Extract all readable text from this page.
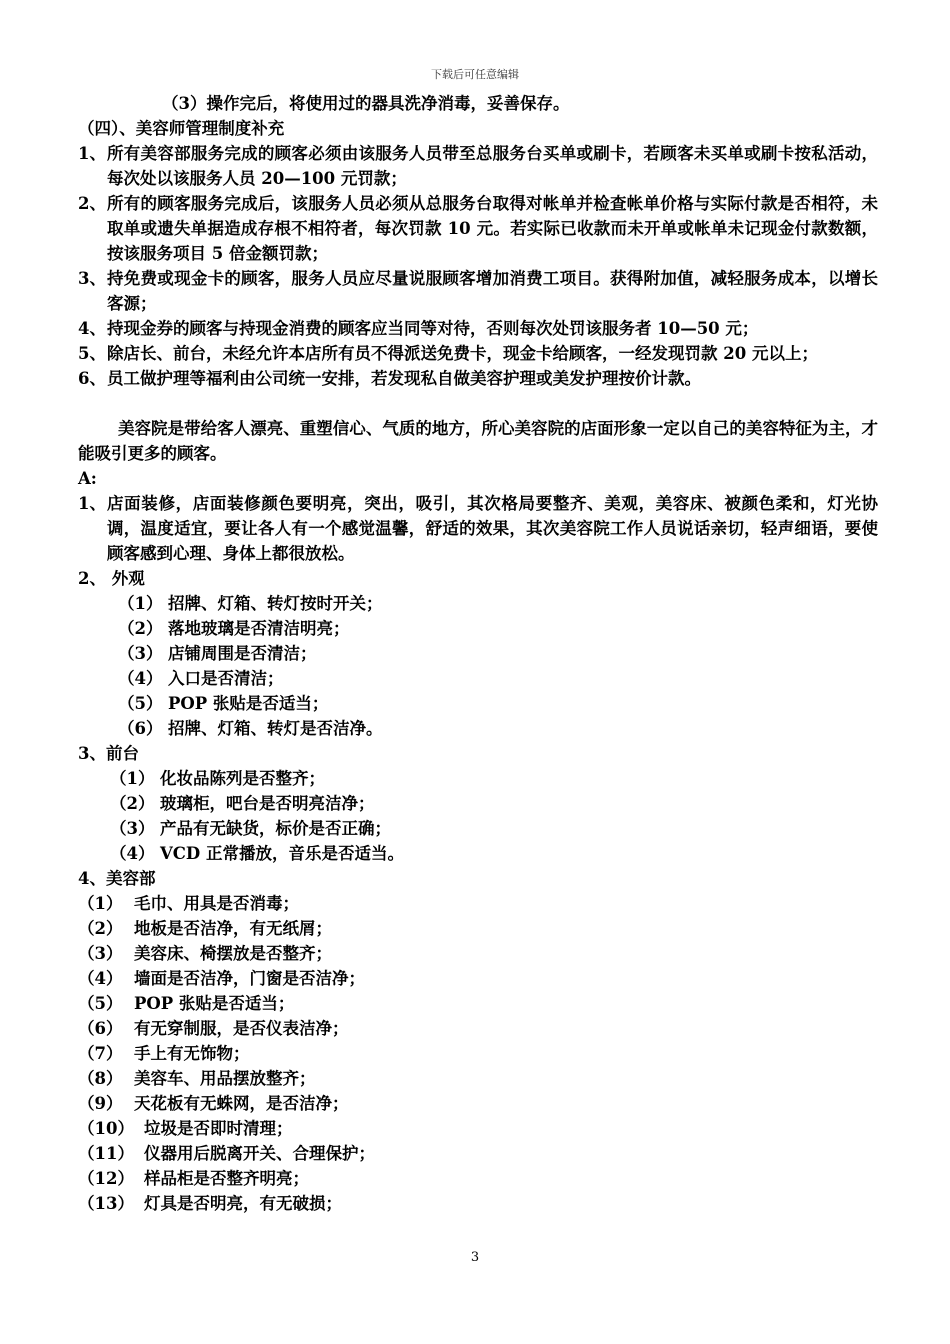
下载后可任意编辑
（3）操作完后，将使用过的器具洗净消毒，妥善保存。
（四）、美容师管理制度补充
1、 所有美容部服务完成的顾客必须由该服务人员带至总服务台买单或刷卡，若顾客未买单或刷卡按私活动，每次处以该服务人员 20—100 元罚款；
2、 所有的顾客服务完成后，该服务人员必须从总服务台取得对帐单并检查帐单价格与实际付款是否相符，未取单或遗失单据造成存根不相符者，每次罚款 10 元。若实际已收款而未开单或帐单未记现金付款数额，按该服务项目 5 倍金额罚款；
3、 持免费或现金卡的顾客，服务人员应尽量说服顾客增加消费工项目。获得附加值，减轻服务成本，以增长客源；
4、 持现金券的顾客与持现金消费的顾客应当同等对待，否则每次处罚该服务者 10—50 元；
5、 除店长、前台，未经允许本店所有员不得派送免费卡，现金卡给顾客，一经发现罚款 20 元以上；
6、 员工做护理等福利由公司统一安排，若发现私自做美容护理或美发护理按价计款。
美容院是带给客人漂亮、重塑信心、气质的地方，所心美容院的店面形象一定以自己的美容特征为主，才能吸引更多的顾客。
A:
1、 店面装修，店面装修颜色要明亮，突出，吸引，其次格局要整齐、美观，美容床、被颜色柔和，灯光协调，温度适宜，要让各人有一个感觉温馨，舒适的效果，其次美容院工作人员说话亲切，轻声细语，要使顾客感到心理、身体上都很放松。
2、 外观
（1） 招牌、灯箱、转灯按时开关；
（2） 落地玻璃是否清洁明亮；
（3） 店铺周围是否清洁；
（4） 入口是否清洁；
（5） POP 张贴是否适当；
（6） 招牌、灯箱、转灯是否洁净。
3、前台
（1） 化妆品陈列是否整齐；
（2） 玻璃柜，吧台是否明亮洁净；
（3） 产品有无缺货，标价是否正确；
（4） VCD 正常播放，音乐是否适当。
4、美容部
（1） 毛巾、用具是否消毒；
（2） 地板是否洁净，有无纸屑；
（3） 美容床、椅摆放是否整齐；
（4） 墙面是否洁净，门窗是否洁净；
（5） POP 张贴是否适当；
（6） 有无穿制服，是否仪表洁净；
（7） 手上有无饰物；
（8） 美容车、用品摆放整齐；
（9） 天花板有无蛛网，是否洁净；
（10） 垃圾是否即时清理；
（11） 仪器用后脱离开关、合理保护；
（12） 样品柜是否整齐明亮；
（13） 灯具是否明亮，有无破损；
3
